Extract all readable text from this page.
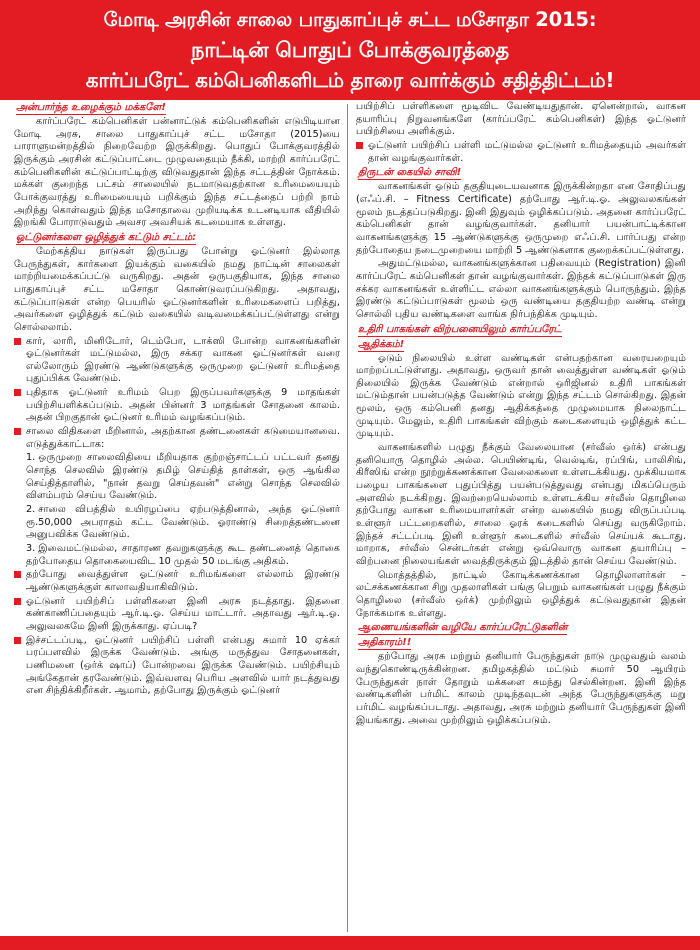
மோடி அரசின் சாலை பாதுகாப்புச் சட்ட மசோதா 2015:
நாட்டின் பொதுப் போக்குவரத்தை
கார்ப்பரேட் கம்பெனிகளிடம் தாரை வார்க்கும் சதித்திட்டம்!
அன்பார்ந்த உழைக்கும் மக்களே!

கார்ப்பரேட் கம்பெனிகள் பன்னாட்டுக் கம்பெனிகளின் எடுபிடியான மோடி அரசு, சாலை பாதுகாப்புச் சட்ட மசோதா (2015)யை பாராளுமன்றத்தில் நிறைவேற்ற இருக்கிறது. பொதுப் போக்குவரத்தில் இருக்கும் அரசின் கட்டுப்பாட்டை முழுவதையும் நீக்கி, மாற்றி கார்ப்பரேட் கம்பெனிகளின் கட்டுப்பாட்டிற்கு விடுவதுதான் இந்த சட்டத்தின் நோக்கம். மக்கள் குறைந்த பட்சம் சாலையில் நடமாடுவதற்கான உரிமையையும் போக்குவரத்து உரிமையையும் பறிக்கும் இந்த சட்டத்தைப் பற்றி நாம் அறிந்து கொள்வதும் இந்த மசோதாவை முறியடிக்க உடனடியாக வீதியில் இறங்கி போராடுவதும் அவசர அவசியக் கடமையாக உள்ளது.

ஓட்டுனர்களை ஒழித்துக் கட்டும் சட்டம்:

மேற்கத்திய நாடுகள் இருப்பது போன்று ஓட்டுனர் இல்லாத பேருந்துகள், கார்களை இயக்கும் வகையில் நமது நாட்டின் சாலைகள் மாற்றியமைக்கப்பட்டு வருகிறது. அதன் ஒருபகுதியாக, இந்த சாலை பாதுகாப்புச் சட்ட மசோதா கொண்டுவரப்படுகிறது. அதாவது, கட்டுப்பாடுகள் என்ற பெயரில் ஓட்டுனர்களின் உரிமைகளைப் பறித்து, அவர்களை ஒழித்துக் கட்டும் வகையில் வடிவமைக்கப்பட்டுள்ளது என்று சொல்லலாம்.

கார், லாரி, மினிடோர், டெம்போ, டாக்ஸி போன்ற வாகனங்களின் ஓட்டுனர்கள் மட்டுமல்ல, இரு சக்கர வாகன ஓட்டுனர்கள் வரை எல்லோரும் இரண்டு ஆண்டுகளுக்கு ஒருமுறை ஓட்டுனர் உரிமத்தை புதுப்பிக்க வேண்டும்.
புதிதாக ஓட்டுனர் உரிமம் பெற இருப்பவர்களுக்கு 9 மாதங்கள் பயிற்சியளிக்கப்படும். அதன் பின்னர் 3 மாதங்கள் சோதனை காலம். அதன் பிறகுதான் ஓட்டுனர் உரிமம் வழங்கப்படும்.
சாலை விதிகளை மீறினால், அதற்கான தண்டனைகள் கடுமையானவை. எடுத்துக்காட்டாக:
1. ஒருமுறை சாலைவிதியை மீறியதாக குற்றஞ்சாட்டப் பட்டவர் தனது சொந்த செலவில் இரண்டு தமிழ் செய்தித் தாள்கள், ஒரு ஆங்கில செய்தித்தாளில், "நான் தவறு செய்தவன்" என்று சொந்த செலவில் விளம்பரம் செய்ய வேண்டும்.
2. சாலை விபத்தில் உயிரழப்பை ஏற்படுத்தினால், அந்த ஓட்டுனர் ரூ.50,000 அபராதம் கட்ட வேண்டும். ஓராண்டு சிறைத்தண்டனை அனுபவிக்க வேண்டும்.
3. இவைமட்டுமல்ல, சாதாரண தவறுகளுக்கு கூட தண்டனைத் தொகை தற்போதைய தொகையைவிட 10 முதல் 50 மடங்கு அதிகம்.
தற்போது வைத்துள்ள ஓட்டுனர் உரிமங்களை எல்லாம் இரண்டு ஆண்டுகளுக்குள் காலாவதியாகிவிடும்.
ஓட்டுனர் பயிற்சிப் பள்ளிகளை இனி அரசு நடத்தாது. இதனை கண்காணிப்பதையும் ஆர்.டி.ஓ. செய்ய மாட்டார். அதாவது ஆர்.டி.ஓ. அலுவலகமே இனி இருக்காது. ஏப்படி?
இச்சட்டப்படி, ஓட்டுனர் பயிற்சிப் பள்ளி என்பது சுமார் 10 ஏக்கர் பரப்பளவில் இருக்க வேண்டும். அங்கு மருத்துவ சோதனைகள், பணிமனை (ஒர்க் ஷாப்) போன்றவை இருக்க வேண்டும். பயிற்சியும் அங்கேதான் தரவேண்டும். இவ்வளவு பெரிய அளவில் யார் நடத்துவது என சிந்திக்கிறீர்கள். ஆமாம், தற்போது இருக்கும் ஓட்டுனர்

பயிற்சிப் பள்ளிகளை மூடிவிட வேண்டியதுதான். ஏனென்றால், வாகன தயாரிப்பு நிறுவனங்களே (கார்ப்பரேட் கம்பெனிகள்) இந்த ஓட்டுனர் பயிற்சியை அளிக்கும்.

ஓட்டுனர் பயிற்சிப் பள்ளி மட்டுமல்ல ஓட்டுனர் உரிமத்தையும் அவர்கள் தான் வழங்குவார்கள்.
திருடன் கையில் சாவி!

வாகனங்கள் ஓடும் தகுதியுடையவனாக இருக்கின்றதா என சோதிப்பது (எஃப்.சி. – Fitness Certificate) தற்போது ஆர்.டி.ஓ. அலுவலகங்கள் மூலம் நடத்தப்படுகிறது. இனி இதுவும் ஒழிக்கப்படும். அதனை கார்ப்பரேட் கம்பெனிகள் தான் வழங்குவார்கள். தனியார் பயன்பாட்டிக்கான வாகனங்களுக்கு 15 ஆண்டுகளுக்கு ஒருமுறை எஃப்.சி. பார்ப்பது என்ற தற்போதைய நடைமுறையை மாற்றி 5 ஆண்டுகளாக குறைக்கப்பட்டுள்ளது.

அதுமட்டுமல்ல, வாகனங்களுக்கான பதிவையும் (Registration) இனி கார்ப்பரேட் கம்பெனிகள் தான் வழங்குவார்கள். இந்தக் கட்டுப்பாடுகள் இரு சக்கர வாகனங்கள் உள்ளிட்ட எல்லா வாகனங்களுக்கும் பொருந்தும். இந்த இரண்டு கட்டுப்பாடுகள் மூலம் ஒரு வண்டியை தகுதியற்ற வண்டி என்று சொல்லி புதிய வண்டிகளை வாங்க நிர்பந்திக்க முடியும்.

உதிரி பாகங்கள் விற்பனையிலும் கார்ப்பரேட்
ஆதிக்கம்!

ஓடும் நிலையில் உள்ள வண்டிகள் என்பதற்கான வரையறையும் மாற்றப்பட்டுள்ளது. அதாவது, ஒருவர் தான் வைத்துள்ள வண்டிகள் ஓடும் நிலையில் இருக்க வேண்டும் என்றால் ஒரிஜினல் உதிரி பாகங்கள் மட்டும்தான் பயன்படுத்த வேண்டும் என்று இந்த சட்டம் சொல்கிறது. இதன் மூலம், ஒரு கம்பெனி தனது ஆதிக்கத்தை முழுமையாக நிலைநாட்ட முடியும். மேலும், உதிரி பாகங்கள் விற்கும் கடைகளையும் ஒழித்துக் கட்ட முடியும்.

வாகனங்களில் பழுது நீக்கும் வேலையான (சர்வீஸ் ஒர்க்) என்பது தனியொரு தொழில் அல்ல. பெயிண்டிங், வெல்டிங், ரப்பிங், பாலிசிங், கிரீஸிங் என்ற நூற்றுக்கணக்கான வேலைகளை உள்ளடக்கியது. முக்கியமாக பழைய பாகங்களை புதுப்பித்து பயன்படுத்துவது என்பது மிகப்பெரும் அளவில் நடக்கிறது. இவற்றையெல்லாம் உள்ளடக்கிய சர்வீஸ் தொழிலை தற்போது வாகன உரிமையாளர்கள் என்ற வகையில் நமது விருப்பப்படி உள்ளூர் பட்டறைகளில், சாலை ஓரக் கடைகளில் செய்து வருகிறோம். இந்தச் சட்டப்படி இனி உள்ளூர் கடைகளில் சர்வீஸ் செய்யக் கூடாது. மாறாக, சர்வீஸ் சென்டர்கள் என்று ஒவ்வொரு வாகன தயாரிப்பு – விற்பனை நிலையங்கள் வைத்திருக்கும் இடத்தில் தான் செய்ய வேண்டும்.

மொத்தத்தில், நாட்டில் கோடிக்கணக்கான தொழிலாளர்கள் – லட்சக்கணக்கான சிறு முதலாளிகள் பங்கு பெறும் வாகனங்கள் பழுது நீக்கும் தொழிலை (சர்வீஸ் ஒர்க்) முற்றிலும் ஒழித்துக் கட்டுவதுதான் இதன் நோக்கமாக உள்ளது.

ஆணையங்களின் வழியே கார்ப்பரேட்டுகளின்
அதிகாரம்!!

தற்போது அரசு மற்றும் தனியார் பேருந்துகள் நாடு முழுவதும் வலம் வந்துகொண்டிருக்கின்றன. தமிழகத்தில் மட்டும் சுமார் 50 ஆயிரம் பேருந்துகள் நாள் தோறும் மக்களை சுமந்து செல்கின்றன. இனி இந்த வண்டிகளின் பர்மிட் காலம் முடிந்தவுடன் அந்த பேருந்துகளுக்கு மறு பர்மிட் வழங்கப்படாது. அதாவது, அரசு மற்றும் தனியார் பேருந்துகள் இனி இயங்காது. அவை முற்றிலும் ஒழிக்கப்படும்.
